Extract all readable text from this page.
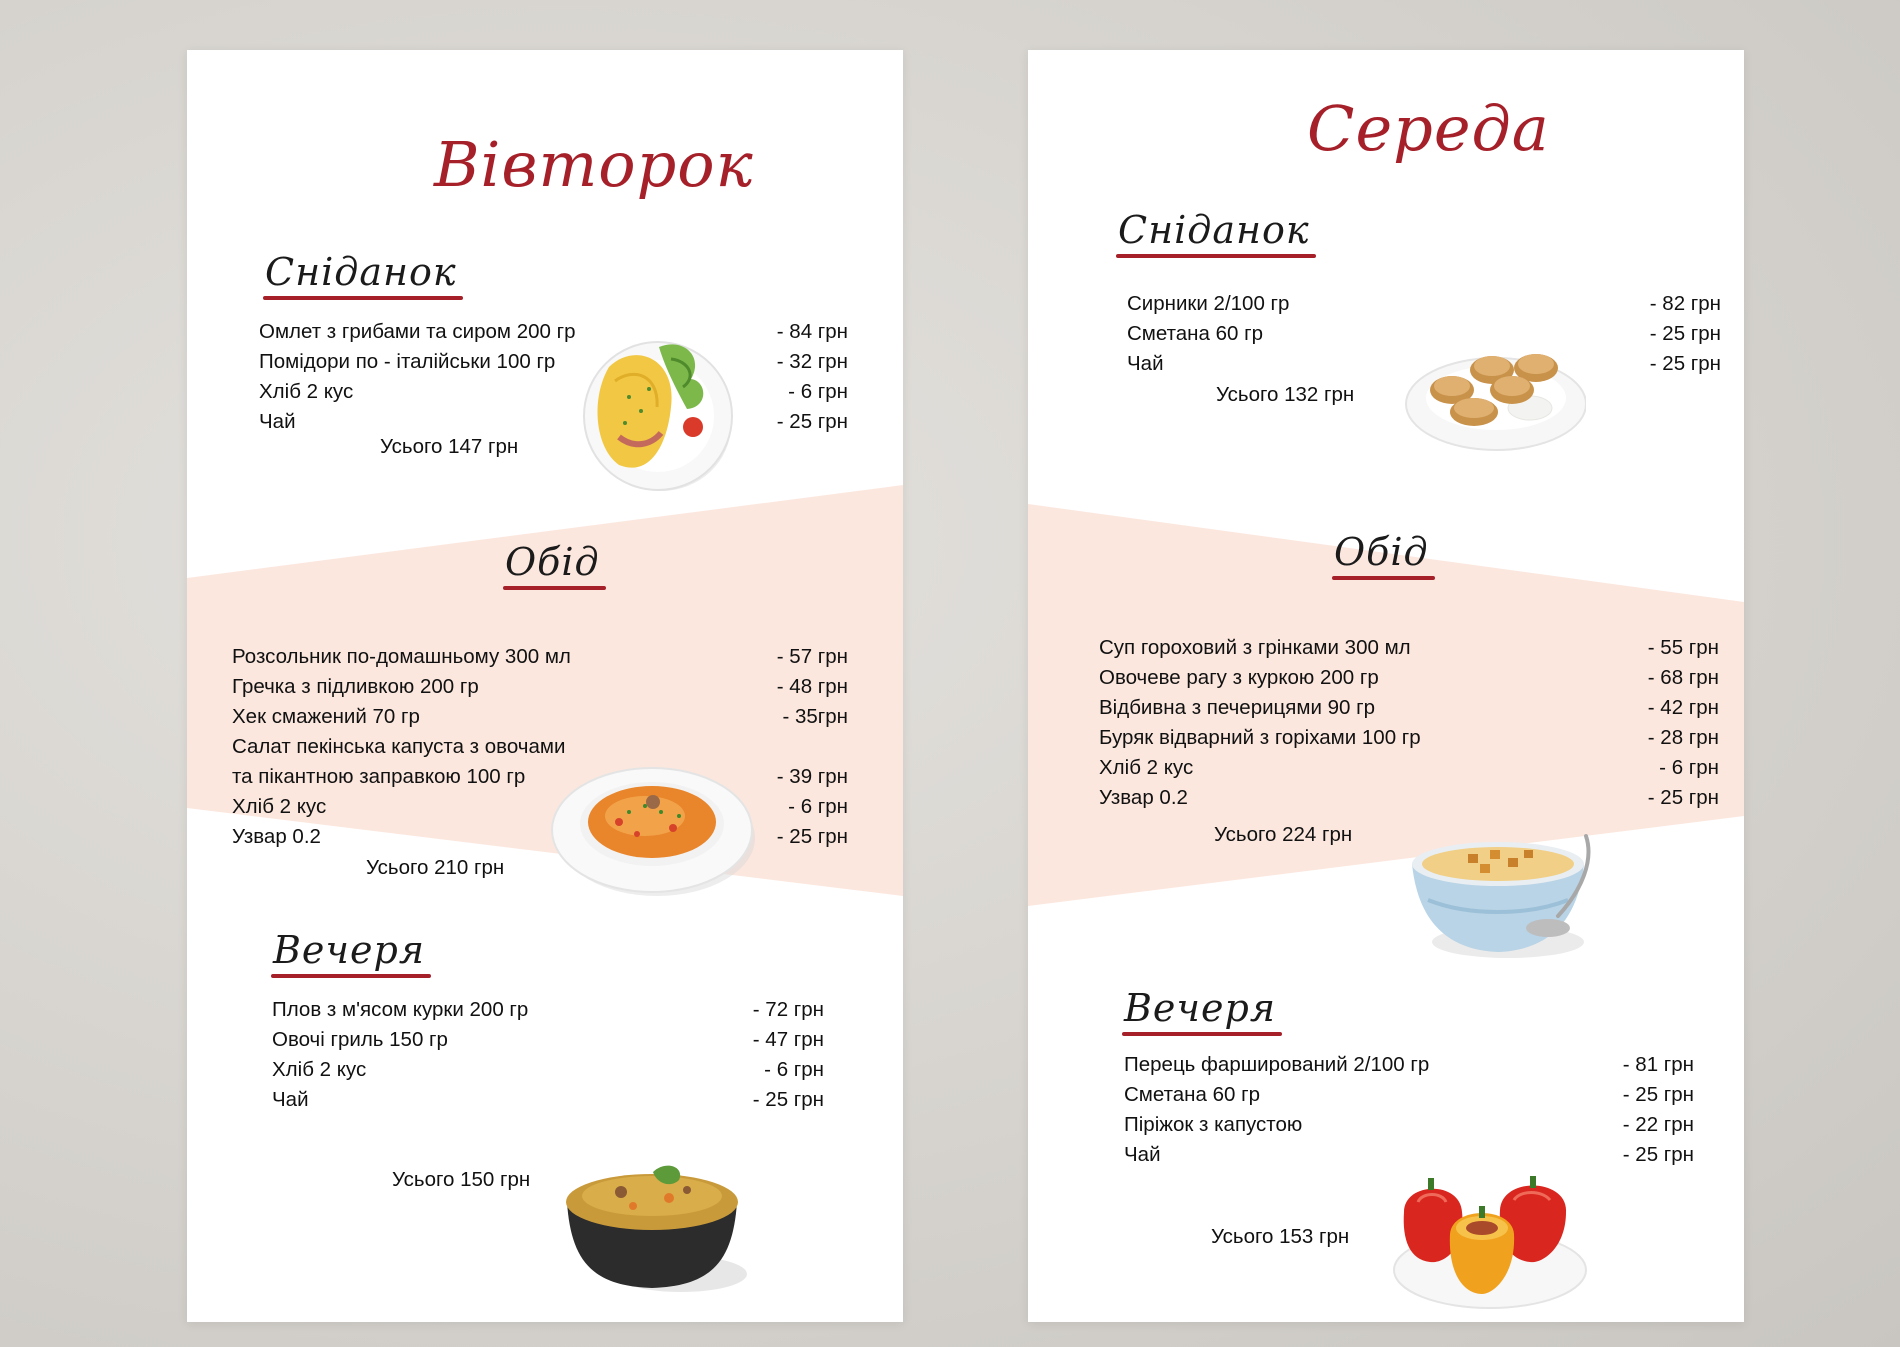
Вівторок
Сніданок
Омлет з грибами та сиром 200 гр	- 84 грн
Помідори по - італійськи 100 гр	- 32 грн
Хліб 2 кус	- 6 грн
Чай	- 25 грн

Усього 147 грн

Обід
Розсольник по-домашньому 300 мл	- 57 грн
Гречка з підливкою 200 гр	- 48 грн
Хек смажений 70 гр	- 35грн
Салат пекінська капуста з овочами
та пікантною заправкою 100 гр	- 39 грн
Хліб 2 кус	- 6 грн
Узвар 0.2	- 25 грн

Усього 210 грн

Вечеря
Плов з м'ясом курки 200 гр	- 72 грн
Овочі гриль 150 гр	- 47 грн
Хліб 2 кус	- 6 грн
Чай	- 25 грн

Усього 150 грн

Середа
Сніданок
Сирники 2/100 гр	- 82 грн
Сметана 60 гр	- 25 грн
Чай	- 25 грн

Усього 132 грн

Обід
Суп гороховий з грінками 300 мл	- 55 грн
Овочеве рагу з куркою 200 гр	- 68 грн
Відбивна з печерицями 90 гр	- 42 грн
Буряк відварний з горіхами 100 гр	- 28 грн
Хліб 2 кус	- 6 грн
Узвар 0.2	- 25 грн

Усього 224 грн

Вечеря
Перець фарширований 2/100 гр	- 81 грн
Сметана 60 гр	- 25 грн
Піріжок з капустою	- 22 грн
Чай	- 25 грн

Усього 153 грн
